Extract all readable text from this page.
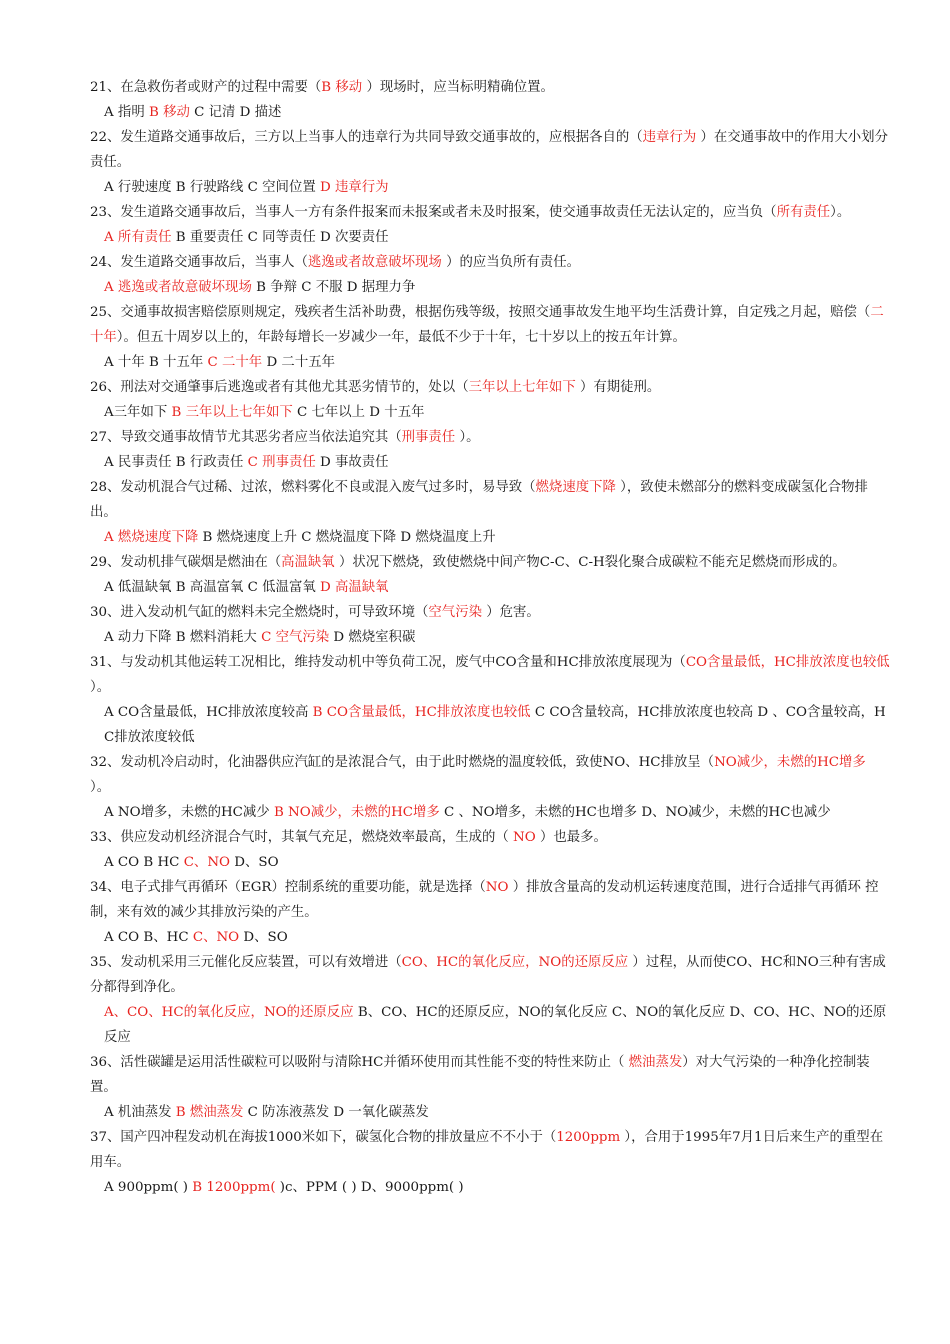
21、在急救伤者或财产的过程中需要（B 移动 ）现场时，应当标明精确位置。

A 指明 B 移动 C 记清 D 描述

22、发生道路交通事故后，三方以上当事人的违章行为共同导致交通事故的，应根据各自的（违章行为 ）在交通事故中的作用大小划分责任。

A 行驶速度 B 行驶路线 C 空间位置 D 违章行为

23、发生道路交通事故后，当事人一方有条件报案而未报案或者未及时报案，使交通事故责任无法认定的，应当负（所有责任）。

A 所有责任 B 重要责任 C 同等责任 D 次要责任

24、发生道路交通事故后，当事人（逃逸或者故意破坏现场 ）的应当负所有责任。

A 逃逸或者故意破坏现场 B 争辩 C 不服 D 据理力争

25、交通事故损害赔偿原则规定，残疾者生活补助费，根据伤残等级，按照交通事故发生地平均生活费计算，自定残之月起，赔偿（二十年）。但五十周岁以上的，年龄每增长一岁减少一年，最低不少于十年，七十岁以上的按五年计算。

A 十年 B 十五年 C 二十年 D 二十五年

26、刑法对交通肇事后逃逸或者有其他尤其恶劣情节的，处以（三年以上七年如下 ）有期徒刑。

A三年如下 B 三年以上七年如下 C 七年以上 D 十五年

27、导致交通事故情节尤其恶劣者应当依法追究其（刑事责任 ）。

A 民事责任 B 行政责任 C 刑事责任 D 事故责任

28、发动机混合气过稀、过浓，燃料雾化不良或混入废气过多时，易导致（燃烧速度下降 ），致使未燃部分的燃料变成碳氢化合物排出。

A 燃烧速度下降 B 燃烧速度上升 C 燃烧温度下降 D 燃烧温度上升

29、发动机排气碳烟是燃油在（高温缺氧 ）状况下燃烧，致使燃烧中间产物C-C、C-H裂化聚合成碳粒不能充足燃烧而形成的。

A 低温缺氧 B 高温富氧 C 低温富氧 D 高温缺氧

30、进入发动机气缸的燃料未完全燃烧时，可导致环境（空气污染 ）危害。

A 动力下降 B 燃料消耗大 C 空气污染 D 燃烧室积碳

31、与发动机其他运转工况相比，维持发动机中等负荷工况，废气中CO含量和HC排放浓度展现为（CO含量最低，HC排放浓度也较低 ）。

A CO含量最低，HC排放浓度较高 B CO含量最低，HC排放浓度也较低 C CO含量较高，HC排放浓度也较高 D 、CO含量较高，HC排放浓度较低

32、发动机冷启动时，化油器供应汽缸的是浓混合气，由于此时燃烧的温度较低，致使NO、HC排放呈（NO减少，未燃的HC增多 ）。

A NO增多，未燃的HC减少 B NO减少，未燃的HC增多 C 、NO增多，未燃的HC也增多 D、NO减少，未燃的HC也减少

33、供应发动机经济混合气时，其氧气充足，燃烧效率最高，生成的（ NO ）也最多。

A CO B HC C、NO D、SO

34、电子式排气再循环（EGR）控制系统的重要功能，就是选择（NO ）排放含量高的发动机运转速度范围，进行合适排气再循环 控制，来有效的减少其排放污染的产生。

A CO B、HC C、NO D、SO

35、发动机采用三元催化反应装置，可以有效增进（CO、HC的氧化反应，NO的还原反应 ）过程，从而使CO、HC和NO三种有害成分都得到净化。

A、CO、HC的氧化反应，NO的还原反应 B、CO、HC的还原反应，NO的氧化反应 C、NO的氧化反应 D、CO、HC、NO的还原反应

36、活性碳罐是运用活性碳粒可以吸附与清除HC并循环使用而其性能不变的特性来防止（ 燃油蒸发）对大气污染的一种净化控制装置。

A 机油蒸发 B 燃油蒸发 C 防冻液蒸发 D 一氧化碳蒸发

37、国产四冲程发动机在海拔1000米如下，碳氢化合物的排放量应不不小于（1200ppm ），合用于1995年7月1日后来生产的重型在用车。

A 900ppm( ) B 1200ppm( )c、PPM ( ) D、9000ppm( )
